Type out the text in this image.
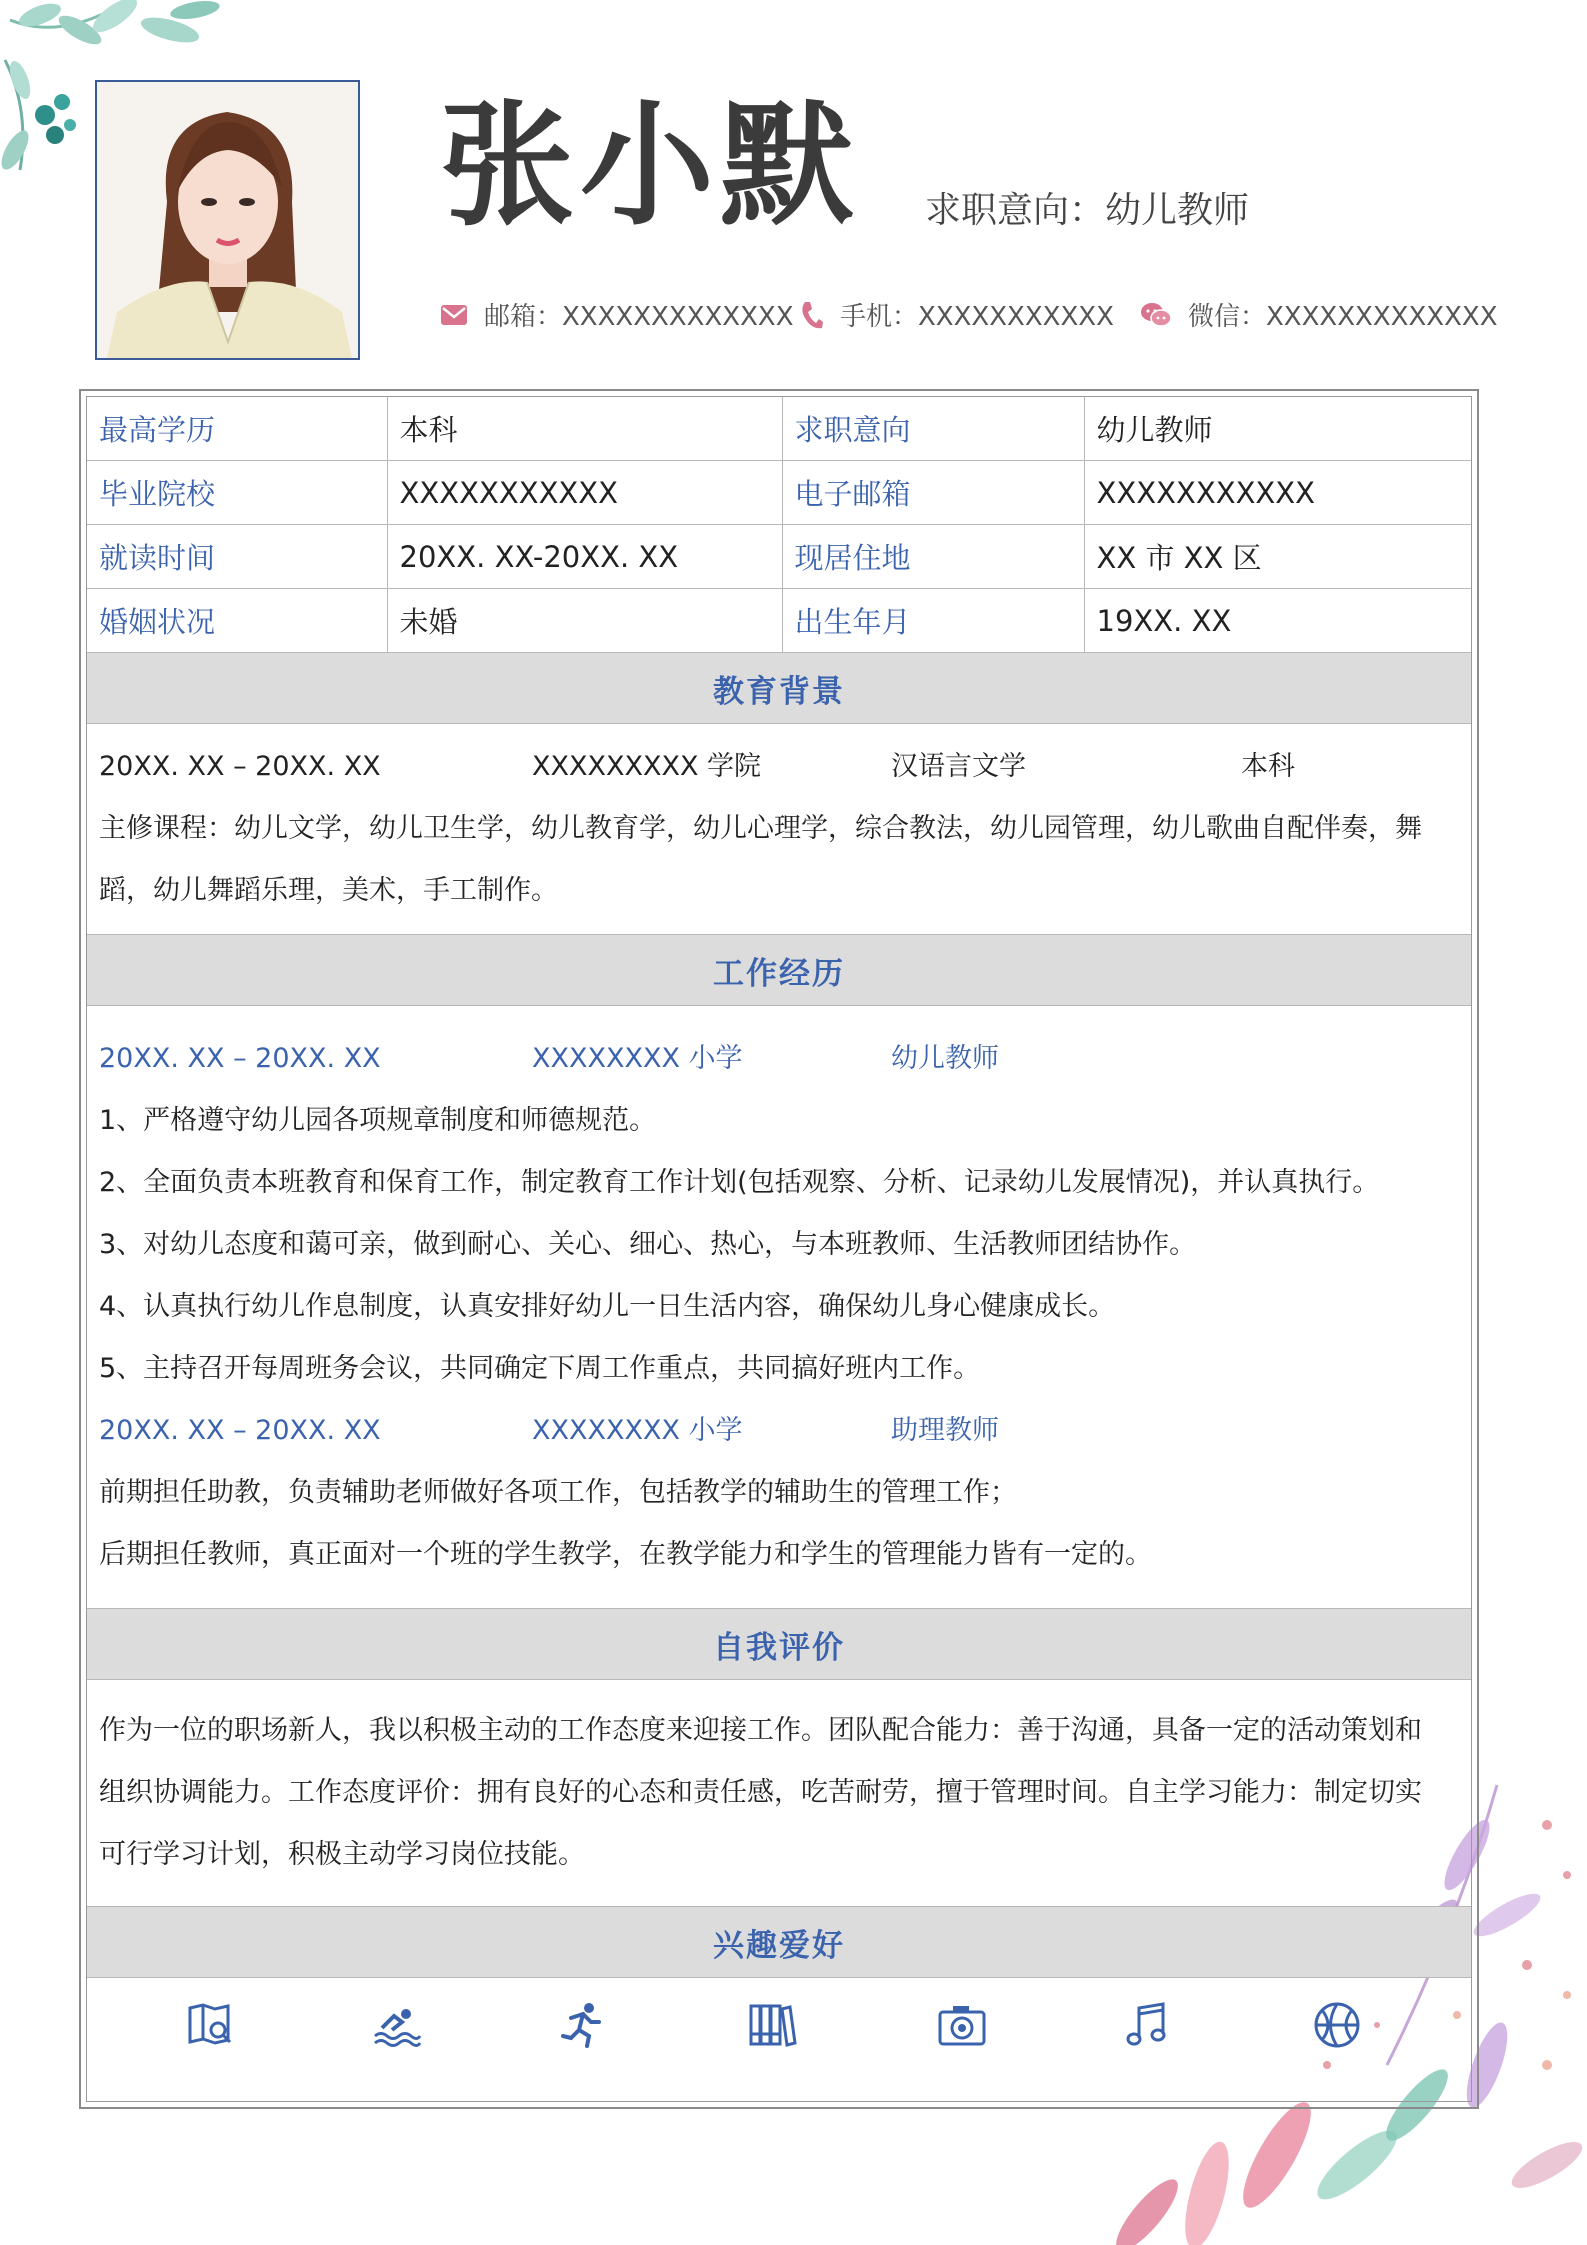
张小默 求职意向：幼儿教师
邮箱：XXXXXXXXXXXXX 手机：XXXXXXXXXXX	微信：XXXXXXXXXXXXX
最高学历	本科	求职意向	幼儿教师
毕业院校	XXXXXXXXXXX	电子邮箱	XXXXXXXXXXX
就读时间	20XX. XX-20XX. XX	现居住地	XX 市 XX 区
婚姻状况	未婚	出生年月	19XX. XX
教育背景
20XX. XX – 20XX. XX	XXXXXXXXX 学院	汉语言文学	本科
主修课程：幼儿文学，幼儿卫生学，幼儿教育学，幼儿心理学，综合教法，幼儿园管理，幼儿歌曲自配伴奏，舞
蹈，幼儿舞蹈乐理，美术，手工制作。
工作经历
20XX. XX – 20XX. XX	XXXXXXXX 小学	幼儿教师
1、严格遵守幼儿园各项规章制度和师德规范。
2、全面负责本班教育和保育工作，制定教育工作计划(包括观察、分析、记录幼儿发展情况)，并认真执行。
3、对幼儿态度和蔼可亲，做到耐心、关心、细心、热心，与本班教师、生活教师团结协作。
4、认真执行幼儿作息制度，认真安排好幼儿一日生活内容，确保幼儿身心健康成长。
5、主持召开每周班务会议，共同确定下周工作重点，共同搞好班内工作。
20XX. XX – 20XX. XX	XXXXXXXX 小学	助理教师
前期担任助教，负责辅助老师做好各项工作，包括教学的辅助生的管理工作；
后期担任教师，真正面对一个班的学生教学，在教学能力和学生的管理能力皆有一定的。
自我评价
作为一位的职场新人，我以积极主动的工作态度来迎接工作。团队配合能力：善于沟通，具备一定的活动策划和
组织协调能力。工作态度评价：拥有良好的心态和责任感，吃苦耐劳，擅于管理时间。自主学习能力：制定切实
可行学习计划，积极主动学习岗位技能。
兴趣爱好
